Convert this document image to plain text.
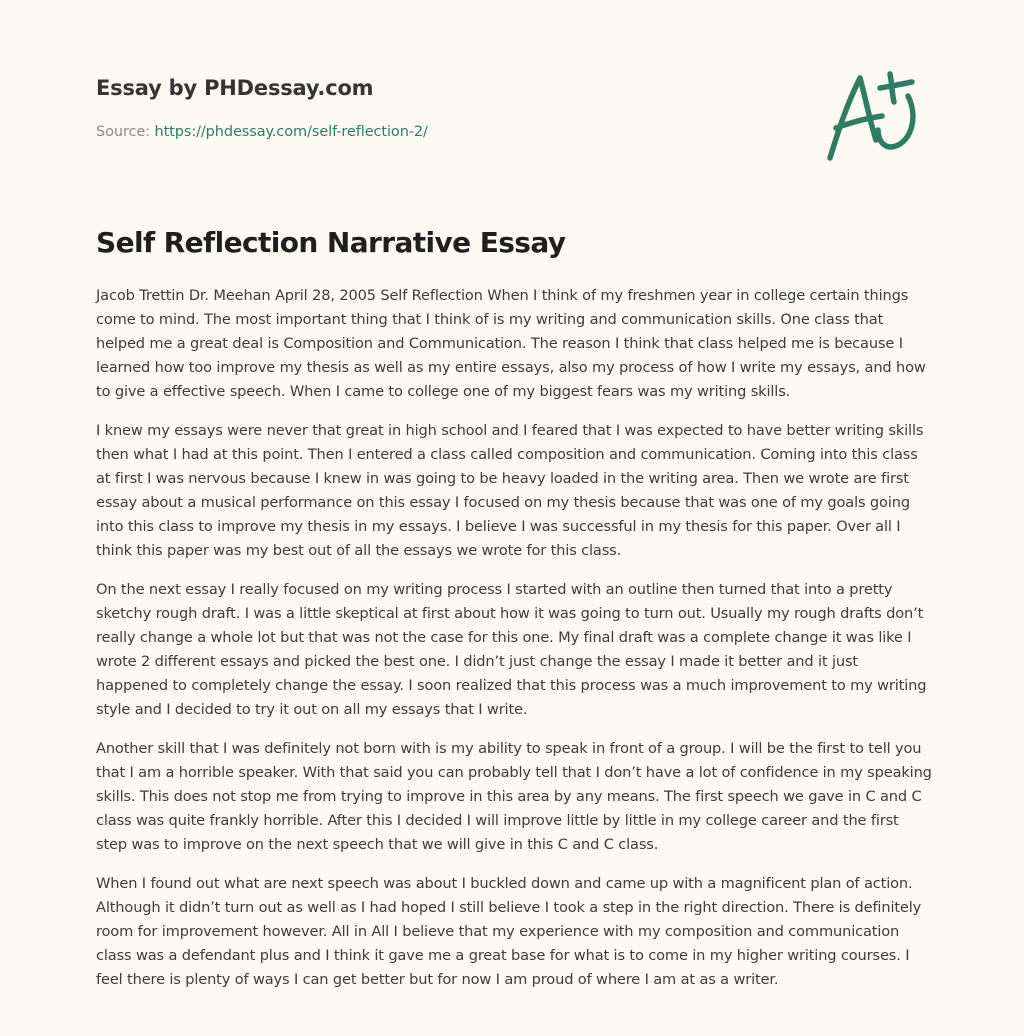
Essay by PHDessay.com
Source: https://phdessay.com/self-reflection-2/
Self Reflection Narrative Essay

Jacob Trettin Dr. Meehan April 28, 2005 Self Reflection When I think of my freshmen year in college certain things come to mind. The most important thing that I think of is my writing and communication skills. One class that helped me a great deal is Composition and Communication. The reason I think that class helped me is because I learned how too improve my thesis as well as my entire essays, also my process of how I write my essays, and how to give a effective speech. When I came to college one of my biggest fears was my writing skills.

I knew my essays were never that great in high school and I feared that I was expected to have better writing skills then what I had at this point. Then I entered a class called composition and communication. Coming into this class at first I was nervous because I knew in was going to be heavy loaded in the writing area. Then we wrote are first essay about a musical performance on this essay I focused on my thesis because that was one of my goals going into this class to improve my thesis in my essays. I believe I was successful in my thesis for this paper. Over all I think this paper was my best out of all the essays we wrote for this class.

On the next essay I really focused on my writing process I started with an outline then turned that into a pretty sketchy rough draft. I was a little skeptical at first about how it was going to turn out. Usually my rough drafts don’t really change a whole lot but that was not the case for this one. My final draft was a complete change it was like I wrote 2 different essays and picked the best one. I didn’t just change the essay I made it better and it just happened to completely change the essay. I soon realized that this process was a much improvement to my writing style and I decided to try it out on all my essays that I write.

Another skill that I was definitely not born with is my ability to speak in front of a group. I will be the first to tell you that I am a horrible speaker. With that said you can probably tell that I don’t have a lot of confidence in my speaking skills. This does not stop me from trying to improve in this area by any means. The first speech we gave in C and C class was quite frankly horrible. After this I decided I will improve little by little in my college career and the first step was to improve on the next speech that we will give in this C and C class.

When I found out what are next speech was about I buckled down and came up with a magnificent plan of action. Although it didn’t turn out as well as I had hoped I still believe I took a step in the right direction. There is definitely room for improvement however. All in All I believe that my experience with my composition and communication class was a defendant plus and I think it gave me a great base for what is to come in my higher writing courses. I feel there is plenty of ways I can get better but for now I am proud of where I am at as a writer.
